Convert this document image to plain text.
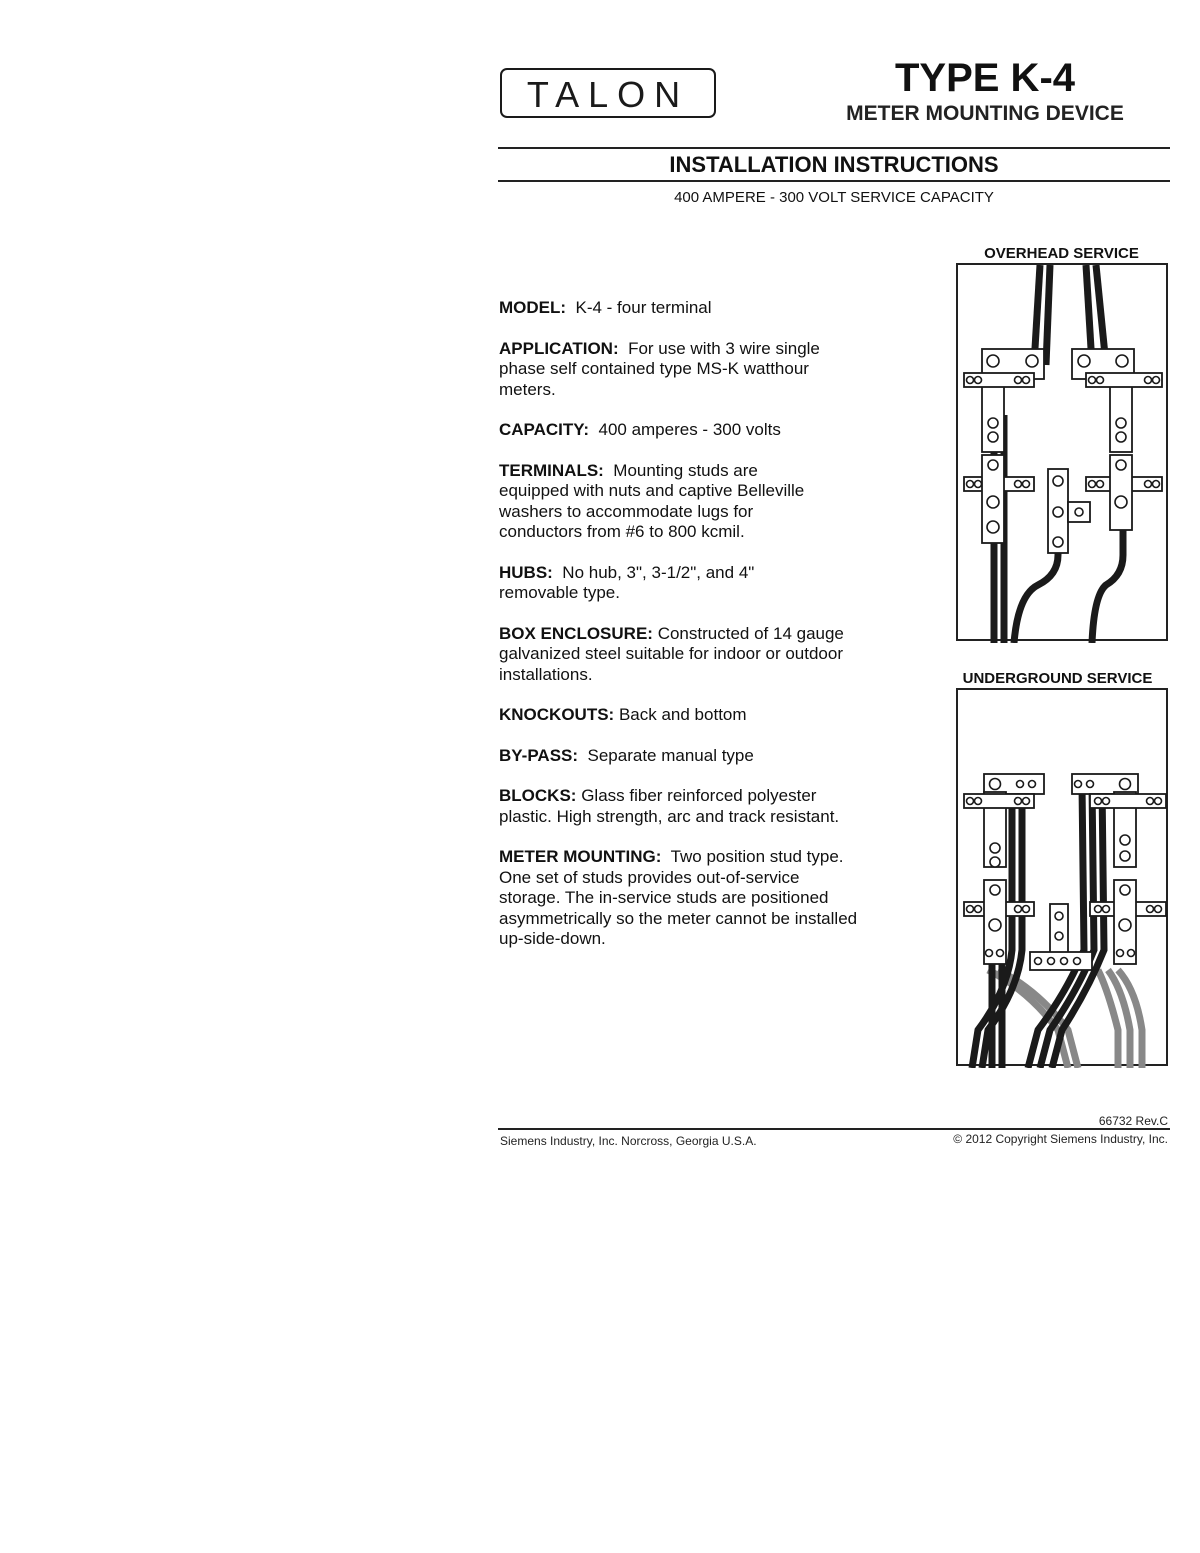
TALON	TYPE K-4
METER MOUNTING DEVICE
INSTALLATION INSTRUCTIONS
400 AMPERE - 300 VOLT SERVICE CAPACITY
MODEL: K-4 - four terminal
APPLICATION: For use with 3 wire single phase self contained type MS-K watthour meters.
CAPACITY: 400 amperes - 300 volts
TERMINALS: Mounting studs are equipped with nuts and captive Belleville washers to accommodate lugs for conductors from #6 to 800 kcmil.
HUBS: No hub, 3", 3-1/2", and 4" removable type.
BOX ENCLOSURE: Constructed of 14 gauge galvanized steel suitable for indoor or outdoor installations.
KNOCKOUTS: Back and bottom
BY-PASS: Separate manual type
BLOCKS: Glass fiber reinforced polyester plastic. High strength, arc and track resistant.
METER MOUNTING: Two position stud type. One set of studs provides out-of-service storage. The in-service studs are positioned asymmetrically so the meter cannot be installed up-side-down.
OVERHEAD SERVICE
UNDERGROUND SERVICE
66732 Rev.C
Siemens Industry, Inc. Norcross, Georgia U.S.A.	© 2012 Copyright Siemens Industry, Inc.
